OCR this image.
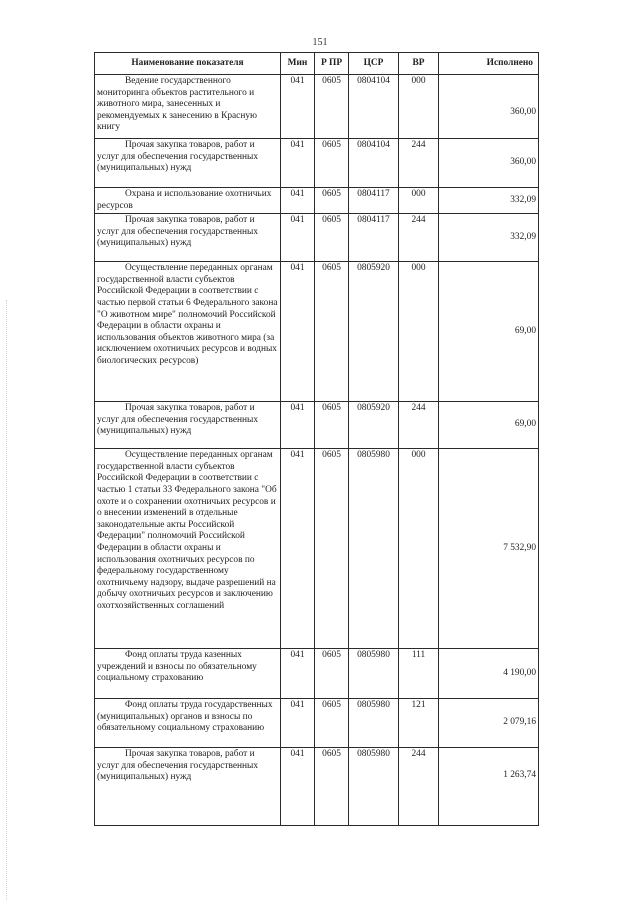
151
Наименование показателя	Мин	Р ПР	ЦСР	ВР	Исполнено
Ведение государственного мониторинга объектов растительного и животного мира, занесенных и рекомендуемых к занесению в Красную книгу	041	0605	0804104	000	360,00
Прочая закупка товаров, работ и услуг для обеспечения государственных (муниципальных) нужд	041	0605	0804104	244	360,00
Охрана и использование охотничьих ресурсов	041	0605	0804117	000	332,09
Прочая закупка товаров, работ и услуг для обеспечения государственных (муниципальных) нужд	041	0605	0804117	244	332,09
Осуществление переданных органам государственной власти субъектов Российской Федерации в соответствии с частью первой статьи 6 Федерального закона "О животном мире" полномочий Российской Федерации в области охраны и использования объектов животного мира (за исключением охотничьих ресурсов и водных биологических ресурсов)	041	0605	0805920	000	69,00
Прочая закупка товаров, работ и услуг для обеспечения государственных (муниципальных) нужд	041	0605	0805920	244	69,00
Осуществление переданных органам государственной власти субъектов Российской Федерации в соответствии с частью 1 статьи 33 Федерального закона "Об охоте и о сохранении охотничьих ресурсов и о внесении изменений в отдельные законодательные акты Российской Федерации" полномочий Российской Федерации в области охраны и использования охотничьих ресурсов по федеральному государственному охотничьему надзору, выдаче разрешений на добычу охотничьих ресурсов и заключению охотхозяйственных соглашений	041	0605	0805980	000	7 532,90
Фонд оплаты труда казенных учреждений и взносы по обязательному социальному страхованию	041	0605	0805980	111	4 190,00
Фонд оплаты труда государственных (муниципальных) органов и взносы по обязательному социальному страхованию	041	0605	0805980	121	2 079,16
Прочая закупка товаров, работ и услуг для обеспечения государственных (муниципальных) нужд	041	0605	0805980	244	1 263,74
